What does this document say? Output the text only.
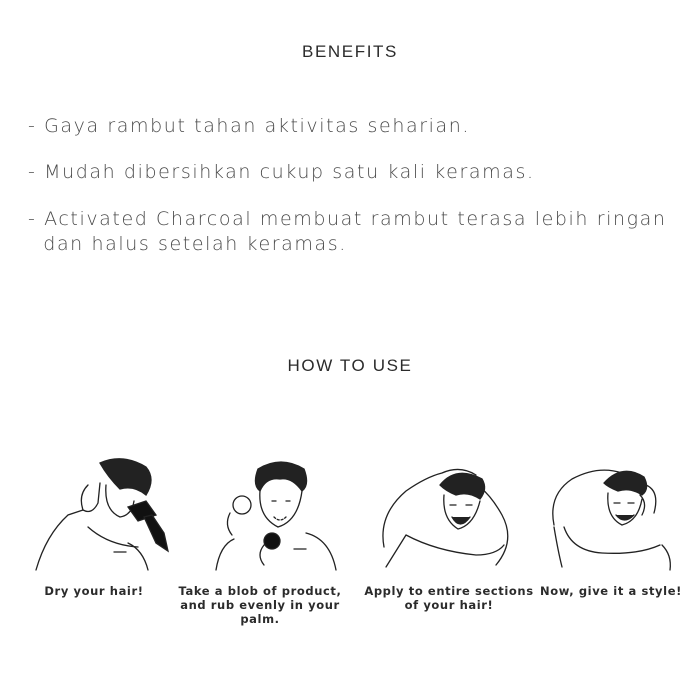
BENEFITS
- Gaya rambut tahan aktivitas seharian.
- Mudah dibersihkan cukup satu kali keramas.
- Activated Charcoal membuat rambut terasa lebih ringan
dan halus setelah keramas.
HOW TO USE
Dry your hair!	Take a blob of product,
and rub evenly in your palm.
Apply to entire sections
of your hair!
Now, give it a style!
